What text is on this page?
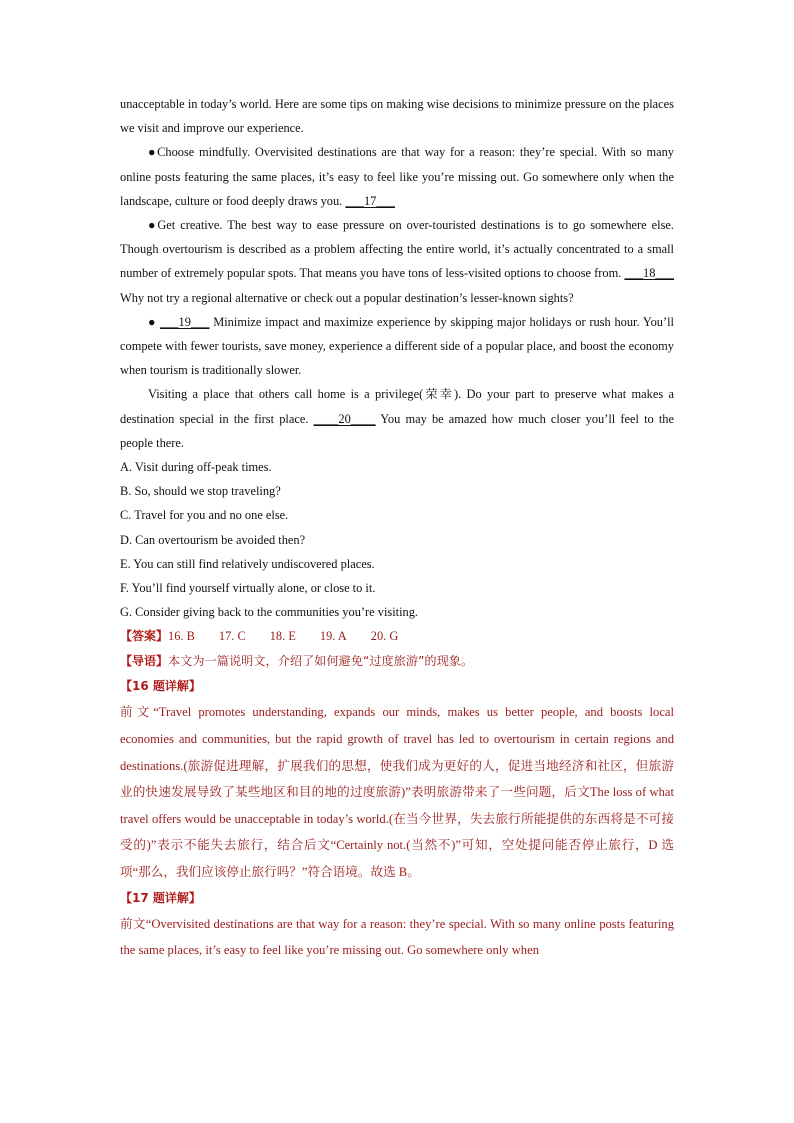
unacceptable in today’s world. Here are some tips on making wise decisions to minimize pressure on the places we visit and improve our experience.

●Choose mindfully. Overvisited destinations are that way for a reason: they’re special. With so many online posts featuring the same places, it’s easy to feel like you’re missing out. Go somewhere only when the landscape, culture or food deeply draws you. ___17___

●Get creative. The best way to ease pressure on over-touristed destinations is to go somewhere else. Though overtourism is described as a problem affecting the entire world, it’s actually concentrated to a small number of extremely popular spots. That means you have tons of less-visited options to choose from. ___18___ Why not try a regional alternative or check out a popular destination’s lesser-known sights?

● ___19___ Minimize impact and maximize experience by skipping major holidays or rush hour. You’ll compete with fewer tourists, save money, experience a different side of a popular place, and boost the economy when tourism is traditionally slower.

Visiting a place that others call home is a privilege(荣幸). Do your part to preserve what makes a destination special in the first place. ____20____ You may be amazed how much closer you’ll feel to the people there.

A. Visit during off-peak times.

B. So, should we stop traveling?

C. Travel for you and no one else.

D. Can overtourism be avoided then?

E. You can still find relatively undiscovered places.

F. You’ll find yourself virtually alone, or close to it.

G. Consider giving back to the communities you’re visiting.

【答案】16. B 17. C 18. E 19. A 20. G

【导语】本文为一篇说明文，介绍了如何避免“过度旅游”的现象。

【16 题详解】

前文“Travel promotes understanding, expands our minds, makes us better people, and boosts local economies and communities, but the rapid growth of travel has led to overtourism in certain regions and destinations.(旅游促进理解，扩展我们的思想，使我们成为更好的人，促进当地经济和社区，但旅游业的快速发展导致了某些地区和目的地的过度旅游)”表明旅游带来了一些问题，后文The loss of what travel offers would be unacceptable in today’s world.(在当今世界，失去旅行所能提供的东西将是不可接受的)”表示不能失去旅行，结合后文“Certainly not.(当然不)”可知，空处提问能否停止旅行，D 选项“那么，我们应该停止旅行吗？”符合语境。故选 B。

【17 题详解】

前文“Overvisited destinations are that way for a reason: they’re special. With so many online posts featuring the same places, it’s easy to feel like you’re missing out. Go somewhere only when
